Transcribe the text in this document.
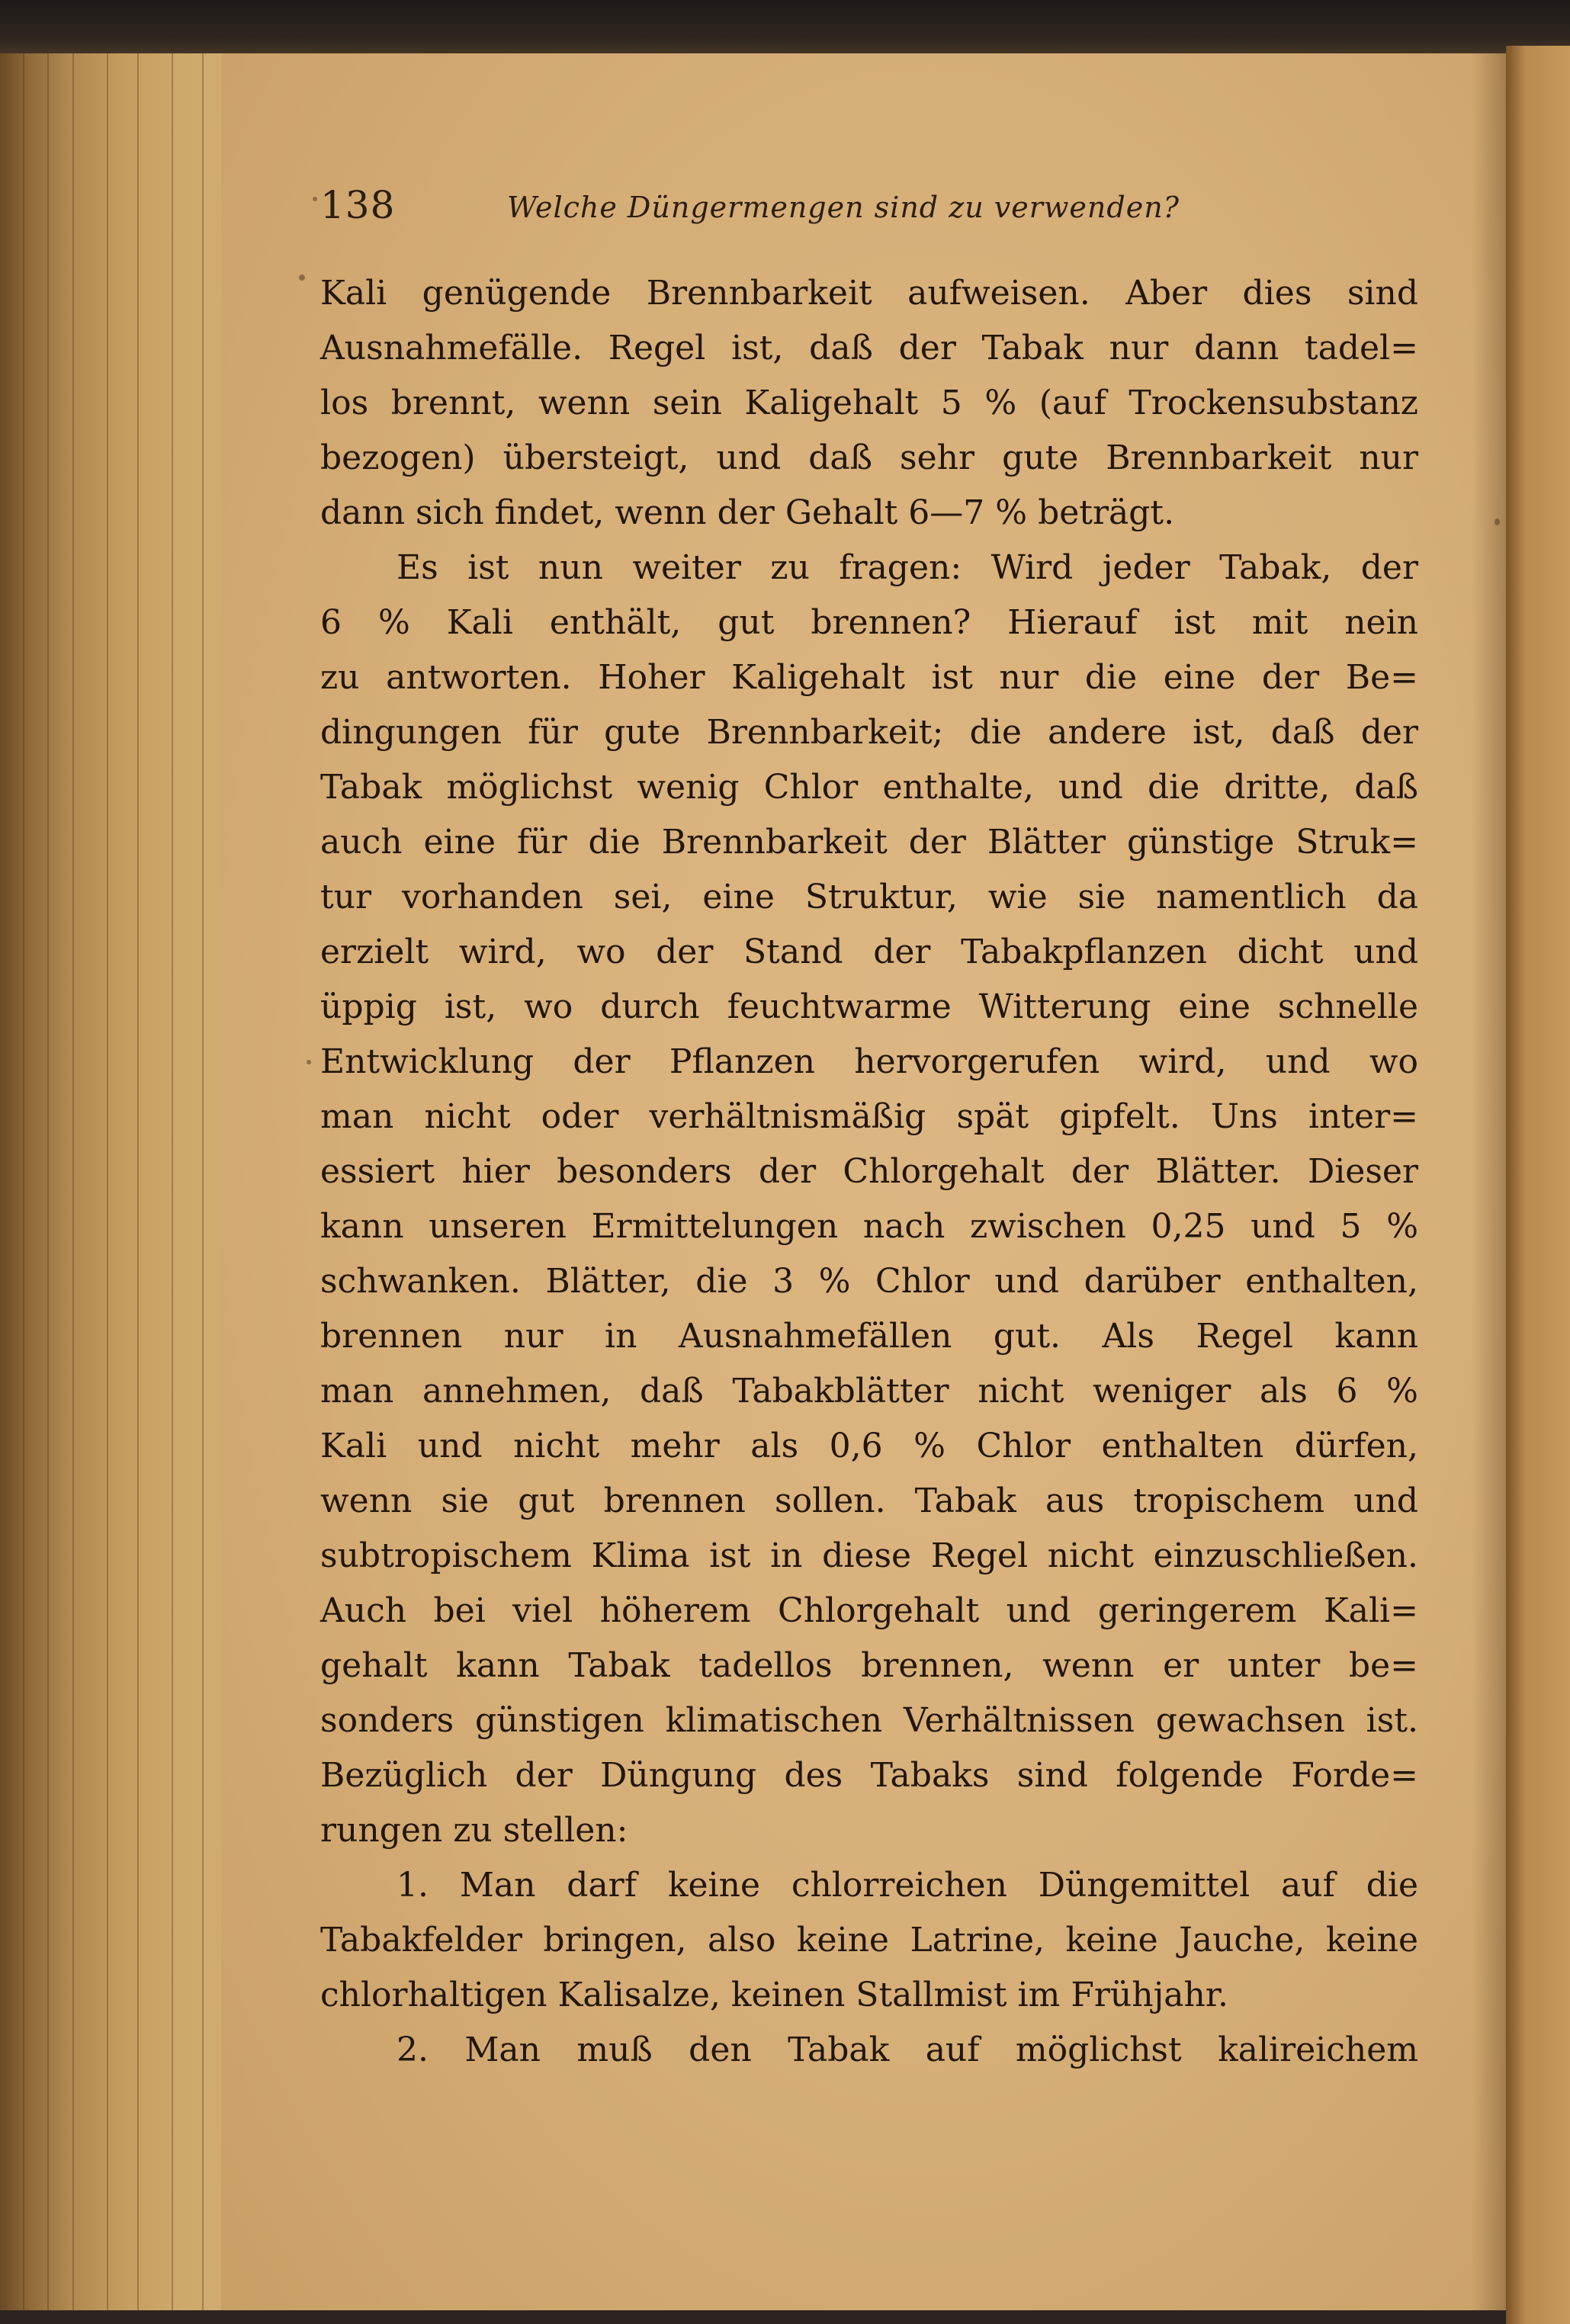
138	Welche Düngermengen sind zu verwenden?
Kali genügende Brennbarkeit aufweisen. Aber dies sind
Ausnahmefälle. Regel ist, daß der Tabak nur dann tadel=
los brennt, wenn sein Kaligehalt 5 % (auf Trockensubstanz
bezogen) übersteigt, und daß sehr gute Brennbarkeit nur
dann sich findet, wenn der Gehalt 6—7 % beträgt.
Es ist nun weiter zu fragen: Wird jeder Tabak, der
6 % Kali enthält, gut brennen? Hierauf ist mit nein
zu antworten. Hoher Kaligehalt ist nur die eine der Be=
dingungen für gute Brennbarkeit; die andere ist, daß der
Tabak möglichst wenig Chlor enthalte, und die dritte, daß
auch eine für die Brennbarkeit der Blätter günstige Struk=
tur vorhanden sei, eine Struktur, wie sie namentlich da
erzielt wird, wo der Stand der Tabakpflanzen dicht und
üppig ist, wo durch feuchtwarme Witterung eine schnelle
Entwicklung der Pflanzen hervorgerufen wird, und wo
man nicht oder verhältnismäßig spät gipfelt. Uns inter=
essiert hier besonders der Chlorgehalt der Blätter. Dieser
kann unseren Ermittelungen nach zwischen 0,25 und 5 %
schwanken. Blätter, die 3 % Chlor und darüber enthalten,
brennen nur in Ausnahmefällen gut. Als Regel kann
man annehmen, daß Tabakblätter nicht weniger als 6 %
Kali und nicht mehr als 0,6 % Chlor enthalten dürfen,
wenn sie gut brennen sollen. Tabak aus tropischem und
subtropischem Klima ist in diese Regel nicht einzuschließen.
Auch bei viel höherem Chlorgehalt und geringerem Kali=
gehalt kann Tabak tadellos brennen, wenn er unter be=
sonders günstigen klimatischen Verhältnissen gewachsen ist.
Bezüglich der Düngung des Tabaks sind folgende Forde=
rungen zu stellen:
1. Man darf keine chlorreichen Düngemittel auf die
Tabakfelder bringen, also keine Latrine, keine Jauche, keine
chlorhaltigen Kalisalze, keinen Stallmist im Frühjahr.
2. Man muß den Tabak auf möglichst kalireichem
